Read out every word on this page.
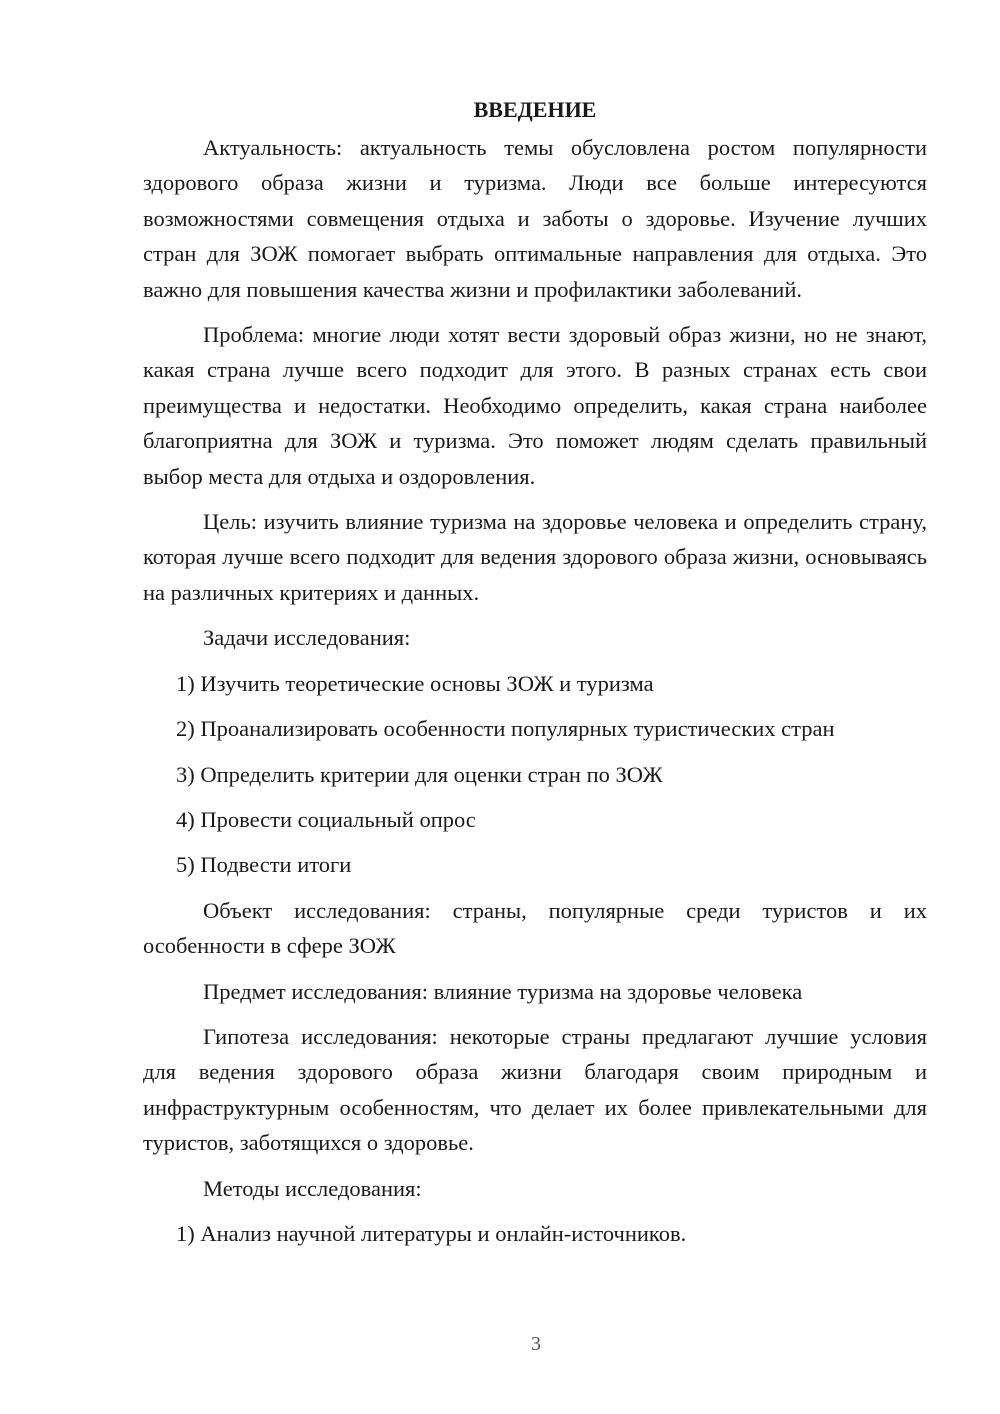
ВВЕДЕНИЕ

Актуальность: актуальность темы обусловлена ростом популярности здорового образа жизни и туризма. Люди все больше интересуются возможностями совмещения отдыха и заботы о здоровье. Изучение лучших стран для ЗОЖ помогает выбрать оптимальные направления для отдыха. Это важно для повышения качества жизни и профилактики заболеваний.

Проблема: многие люди хотят вести здоровый образ жизни, но не знают, какая страна лучше всего подходит для этого. В разных странах есть свои преимущества и недостатки. Необходимо определить, какая страна наиболее благоприятна для ЗОЖ и туризма. Это поможет людям сделать правильный выбор места для отдыха и оздоровления.

Цель: изучить влияние туризма на здоровье человека и определить страну, которая лучше всего подходит для ведения здорового образа жизни, основываясь на различных критериях и данных.

Задачи исследования:

1) Изучить теоретические основы ЗОЖ и туризма

2) Проанализировать особенности популярных туристических стран

3) Определить критерии для оценки стран по ЗОЖ

4) Провести социальный опрос

5) Подвести итоги

Объект исследования: страны, популярные среди туристов и их особенности в сфере ЗОЖ

Предмет исследования: влияние туризма на здоровье человека

Гипотеза исследования: некоторые страны предлагают лучшие условия для ведения здорового образа жизни благодаря своим природным и инфраструктурным особенностям, что делает их более привлекательными для туристов, заботящихся о здоровье.

Методы исследования:

1) Анализ научной литературы и онлайн-источников.

3
